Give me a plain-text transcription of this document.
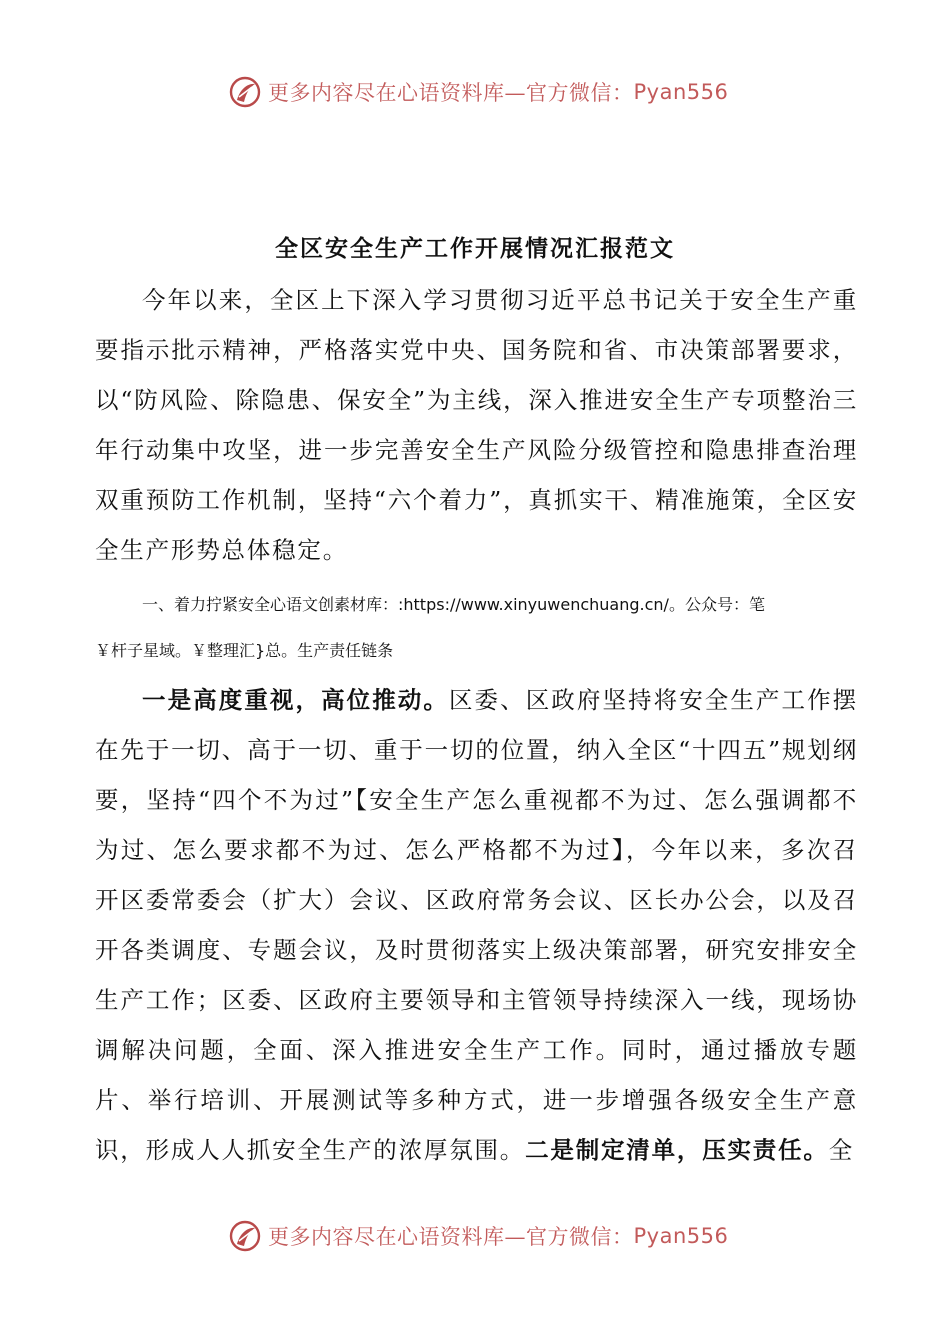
更多内容尽在心语资料库—官方微信： Pyan556
全区安全生产工作开展情况汇报范文
今年以来，全区上下深入学习贯彻习近平总书记关于安全生产重要指示批示精神，严格落实党中央、国务院和省、市决策部署要求，以“防风险、除隐患、保安全”为主线，深入推进安全生产专项整治三年行动集中攻坚，进一步完善安全生产风险分级管控和隐患排查治理双重预防工作机制，坚持“六个着力”，真抓实干、精准施策，全区安全生产形势总体稳定。
一、着力拧紧安全心语文创素材库：:https://www.xinyuwenchuang.cn/。公众号：笔
￥杆子星域。￥整理汇}总。生产责任链条
一是高度重视，高位推动。区委、区政府坚持将安全生产工作摆在先于一切、高于一切、重于一切的位置，纳入全区“十四五”规划纲要，坚持“四个不为过”【安全生产怎么重视都不为过、怎么强调都不为过、怎么要求都不为过、怎么严格都不为过】，今年以来，多次召开区委常委会（扩大）会议、区政府常务会议、区长办公会，以及召开各类调度、专题会议，及时贯彻落实上级决策部署，研究安排安全生产工作；区委、区政府主要领导和主管领导持续深入一线，现场协调解决问题，全面、深入推进安全生产工作。同时，通过播放专题片、举行培训、开展测试等多种方式，进一步增强各级安全生产意识，形成人人抓安全生产的浓厚氛围。二是制定清单，压实责任。全
更多内容尽在心语资料库—官方微信： Pyan556
